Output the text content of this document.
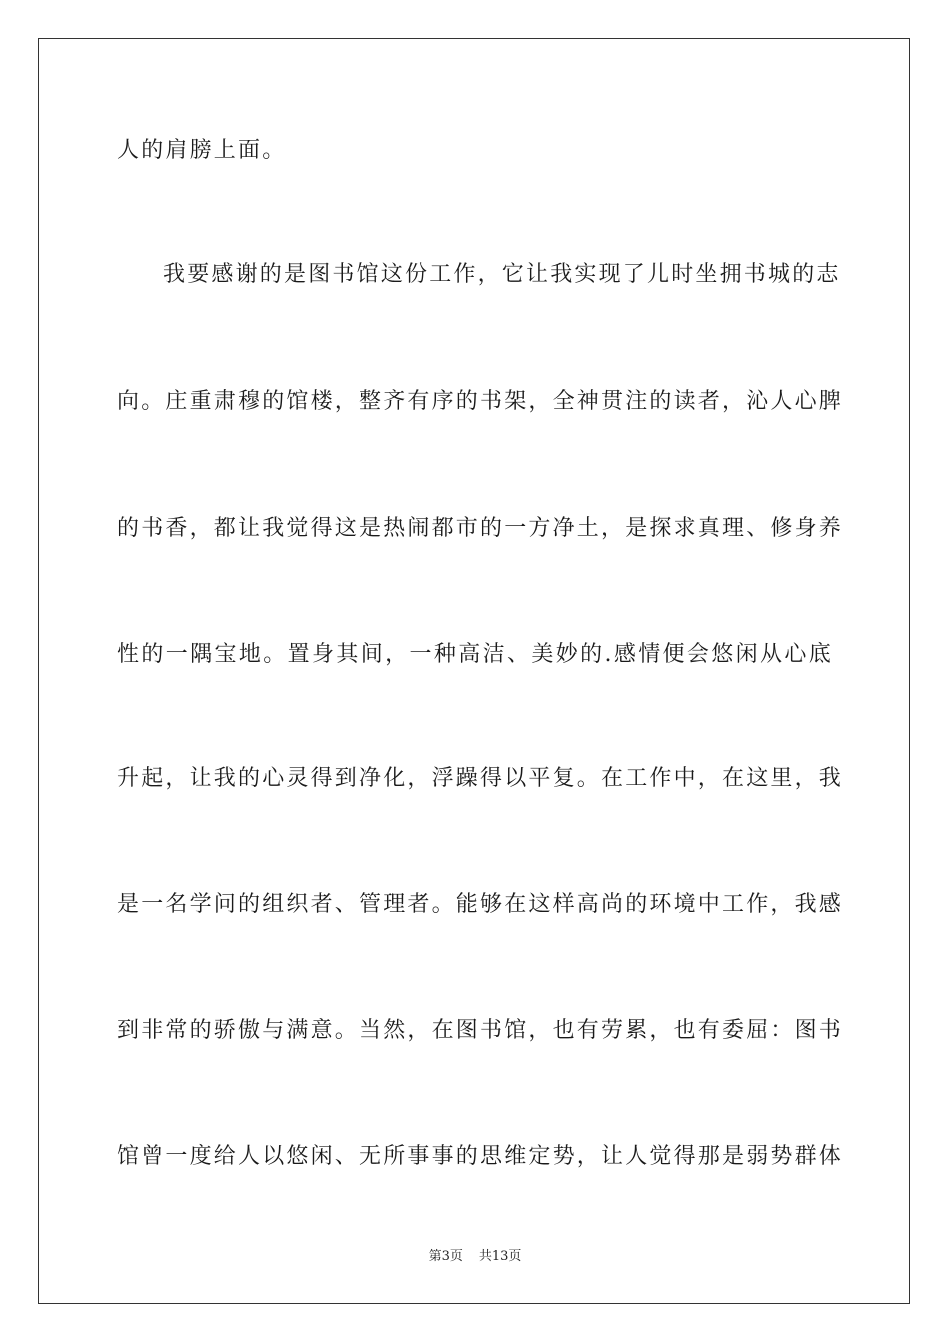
人的肩膀上面。
我要感谢的是图书馆这份工作，它让我实现了儿时坐拥书城的志
向。庄重肃穆的馆楼，整齐有序的书架，全神贯注的读者，沁人心脾
的书香，都让我觉得这是热闹都市的一方净土，是探求真理、修身养
性的一隅宝地。置身其间，一种高洁、美妙的.感情便会悠闲从心底
升起，让我的心灵得到净化，浮躁得以平复。在工作中，在这里，我
是一名学问的组织者、管理者。能够在这样高尚的环境中工作，我感
到非常的骄傲与满意。当然，在图书馆，也有劳累，也有委屈：图书
馆曾一度给人以悠闲、无所事事的思维定势，让人觉得那是弱势群体
第3页 共13页
